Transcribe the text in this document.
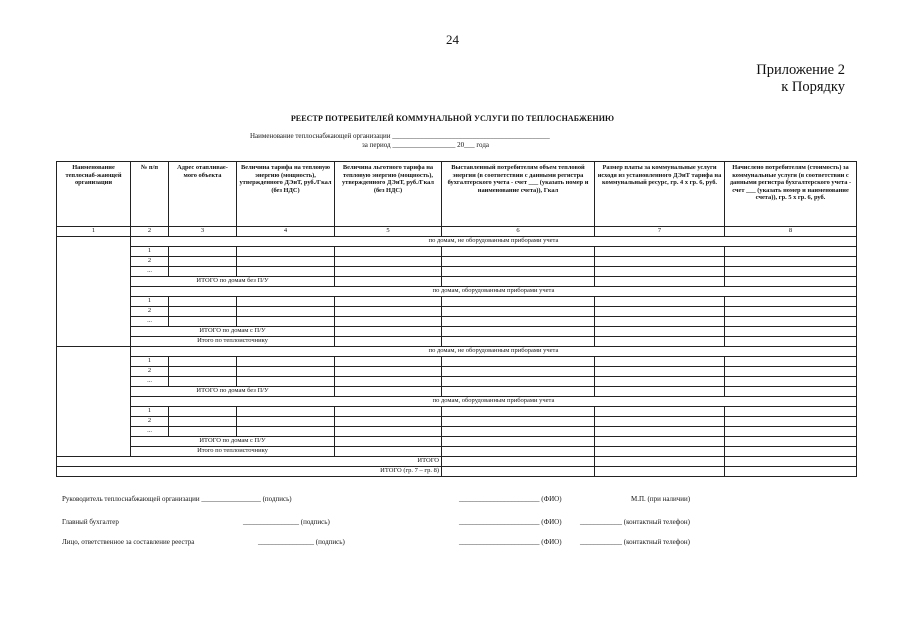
24
Приложение 2
к Порядку
РЕЕСТР ПОТРЕБИТЕЛЕЙ КОММУНАЛЬНОЙ УСЛУГИ ПО ТЕПЛОСНАБЖЕНИЮ
Наименование теплоснабжающей организации _____________________________________________
за период __________________ 20___ года
Наименование теплоснаб-жающей организации	№ п/п	Адрес отапливае-мого объекта	Величина тарифа на тепловую энергию (мощность), утвержденного ДЭиТ, руб./Гкал (без НДС)	Величина льготного тарифа на тепловую энергию (мощность), утвержденного ДЭиТ, руб./Гкал (без НДС)	Выставленный потребителям объем тепловой энергии (в соответствии с данными регистра бухгалтерского учета - счет ___ (указать номер и наименование счета)), Гкал	Размер платы за коммунальные услуги исходя из установленного ДЭиТ тарифа на коммунальный ресурс, гр. 4 х гр. 6, руб.	Начислено потребителям (стоимость) за коммунальные услуги (в соответствии с данными регистра бухгалтерского учета - счет ___ (указать номер и наименование счета)), гр. 5 х гр. 6, руб.
1	2	3	4	5	6	7	8
	по домам, не оборудованным приборами учета						
	1						
	2						
	...						
	ИТОГО по домам без П/У						
	по домам, оборудованным приборами учета						
	1						
	2						
	...						
	ИТОГО по домам с П/У						
	Итого по теплоисточнику						
	по домам, не оборудованным приборами учета						
	1						
	2						
	...						
	ИТОГО по домам без П/У						
	по домам, оборудованным приборами учета						
	1						
	2						
	...						
	ИТОГО по домам с П/У						
	Итого по теплоисточнику						
ИТОГО							
ИТОГО (гр. 7 – гр. 8)							
Руководитель теплоснабжающей организации _________________ (подпись)	_______________________ (ФИО)	М.П. (при наличии)
Главный бухгалтер	________________ (подпись)	_______________________ (ФИО)	____________ (контактный телефон)
Лицо, ответственное за составление реестра	________________ (подпись)	_______________________ (ФИО)	____________ (контактный телефон)
